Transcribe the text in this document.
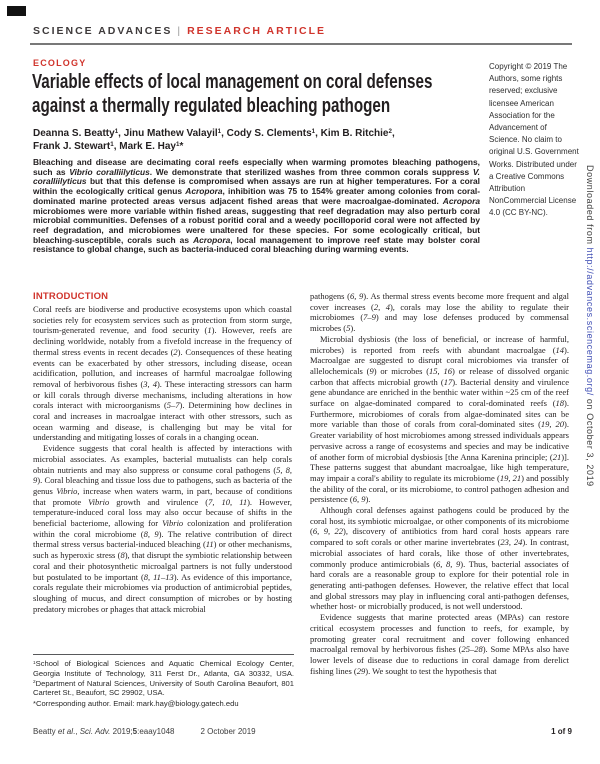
SCIENCE ADVANCES | RESEARCH ARTICLE
ECOLOGY
Variable effects of local management on coral defenses
against a thermally regulated bleaching pathogen
Deanna S. Beatty$^1$, Jinu Mathew Valayil$^1$, Cody S. Clements$^1$, Kim B. Ritchie$^2$,
Frank J. Stewart$^1$, Mark E. Hay$^1$*

Bleaching and disease are decimating coral reefs especially when warming promotes bleaching pathogens, such as Vibrio coralliilyticus. We demonstrate that sterilized washes from three common corals suppress V. coralliilyticus but that this defense is compromised when assays are run at higher temperatures. For a coral within the ecologically critical genus Acropora, inhibition was 75 to 154% greater among colonies from coral-dominated marine protected areas versus adjacent fished areas that were macroalgae-dominated. Acropora microbiomes were more variable within fished areas, suggesting that reef degradation may also perturb coral microbial communities. Defenses of a robust poritid coral and a weedy pocilloporid coral were not affected by reef degradation, and microbiomes were unaltered for these species. For some ecologically critical, but bleaching-susceptible, corals such as Acropora, local management to improve reef state may bolster coral resistance to global change, such as bacteria-induced coral bleaching during warming events.

Copyright © 2019 The Authors, some rights reserved; exclusive licensee American Association for the Advancement of Science. No claim to original U.S. Government Works. Distributed under a Creative Commons Attribution NonCommercial License 4.0 (CC BY-NC).
INTRODUCTION

Coral reefs are biodiverse and productive ecosystems upon which coastal societies rely for ecosystem services such as protection from storm surge, tourism-generated revenue, and food security (1). However, reefs are declining worldwide, notably from a fivefold increase in the frequency of thermal stress events in recent decades (2). Consequences of these heating events can be exacerbated by other stressors, including disease, ocean acidification, pollution, and increases of harmful macroalgae following removal of herbivorous fishes (3, 4). These interacting stressors can harm or kill corals through diverse mechanisms, including alterations in how corals interact with microorganisms (5–7). Determining how declines in coral and increases in macroalgae interact with other stressors, such as ocean warming and disease, is challenging but may be vital for understanding and mitigating losses of corals in a changing ocean.

Evidence suggests that coral health is affected by interactions with microbial associates. As examples, bacterial mutualists can help corals obtain nutrients and may also suppress or consume coral pathogens (5, 8, 9). Coral bleaching and tissue loss due to pathogens, such as bacteria of the genus Vibrio, increase when waters warm, in part, because of conditions that promote Vibrio growth and virulence (7, 10, 11). However, temperature-induced coral loss may also occur because of shifts in the beneficial bacteriome, allowing for Vibrio colonization and proliferation within the coral microbiome (8, 9). The relative contribution of direct thermal stress versus bacterial-induced bleaching (11) or other mechanisms, such as hyperoxic stress (8), that disrupt the symbiotic relationship between coral and their photosynthetic microalgal partners is not fully understood but postulated to be important (8, 11–13). As evidence of this importance, corals regulate their microbiomes via production of antimicrobial peptides, sloughing of mucus, and direct consumption of microbes or by hosting predatory microbes or phages that attack microbial

pathogens (6, 9). As thermal stress events become more frequent and algal cover increases (2, 4), corals may lose the ability to regulate their microbiomes (7–9) and may lose defenses produced by commensal microbes (5).

Microbial dysbiosis (the loss of beneficial, or increase of harmful, microbes) is reported from reefs with abundant macroalgae (14). Macroalgae are suggested to disrupt coral microbiomes via transfer of allelochemicals (9) or microbes (15, 16) or release of dissolved organic carbon that affects microbial growth (17). Bacterial density and virulence gene abundance are enriched in the benthic water within ~25 cm of the reef surface on algae-dominated compared to coral-dominated reefs (18). Furthermore, microbiomes of corals from algae-dominated sites can be more variable than those of corals from coral-dominated sites (19, 20). Greater variability of host microbiomes among stressed individuals appears pervasive across a range of ecosystems and species and may be indicative of another form of microbial dysbiosis [the Anna Karenina principle; (21)]. These patterns suggest that abundant macroalgae, like high temperature, may impair a coral's ability to regulate its microbiome (19, 21) and possibly the ability of the coral, or its microbiome, to control pathogen adhesion and persistence (6, 9).

Although coral defenses against pathogens could be produced by the coral host, its symbiotic microalgae, or other components of its microbiome (6, 9, 22), discovery of antibiotics from hard coral hosts appears rare compared to soft corals or other marine invertebrates (23, 24). In contrast, microbial associates of hard corals, like those of other invertebrates, commonly produce antimicrobials (6, 8, 9). Thus, bacterial associates of hard corals are a reasonable group to explore for their potential role in generating anti-pathogen defenses. However, the relative effect that local and global stressors may play in influencing coral anti-pathogen defenses, whether host- or microbially produced, is not well understood.

Evidence suggests that marine protected areas (MPAs) can restore critical ecosystem processes and function to reefs, for example, by promoting greater coral recruitment and cover following enhanced macroalgal removal by herbivorous fishes (25–28). Some MPAs also have lower levels of disease due to reductions in coral damage from derelict fishing lines (29). We sought to test the hypothesis that

$^1$School of Biological Sciences and Aquatic Chemical Ecology Center, Georgia Institute of Technology, 311 Ferst Dr., Atlanta, GA 30332, USA. $^2$Department of Natural Sciences, University of South Carolina Beaufort, 801 Carteret St., Beaufort, SC 29902, USA.

*Corresponding author. Email: mark.hay@biology.gatech.edu

Downloaded from http://advances.sciencemag.org/ on October 3, 2019
Beatty et al., Sci. Adv. 2019;5:eaay1048	2 October 2019	1 of 9
